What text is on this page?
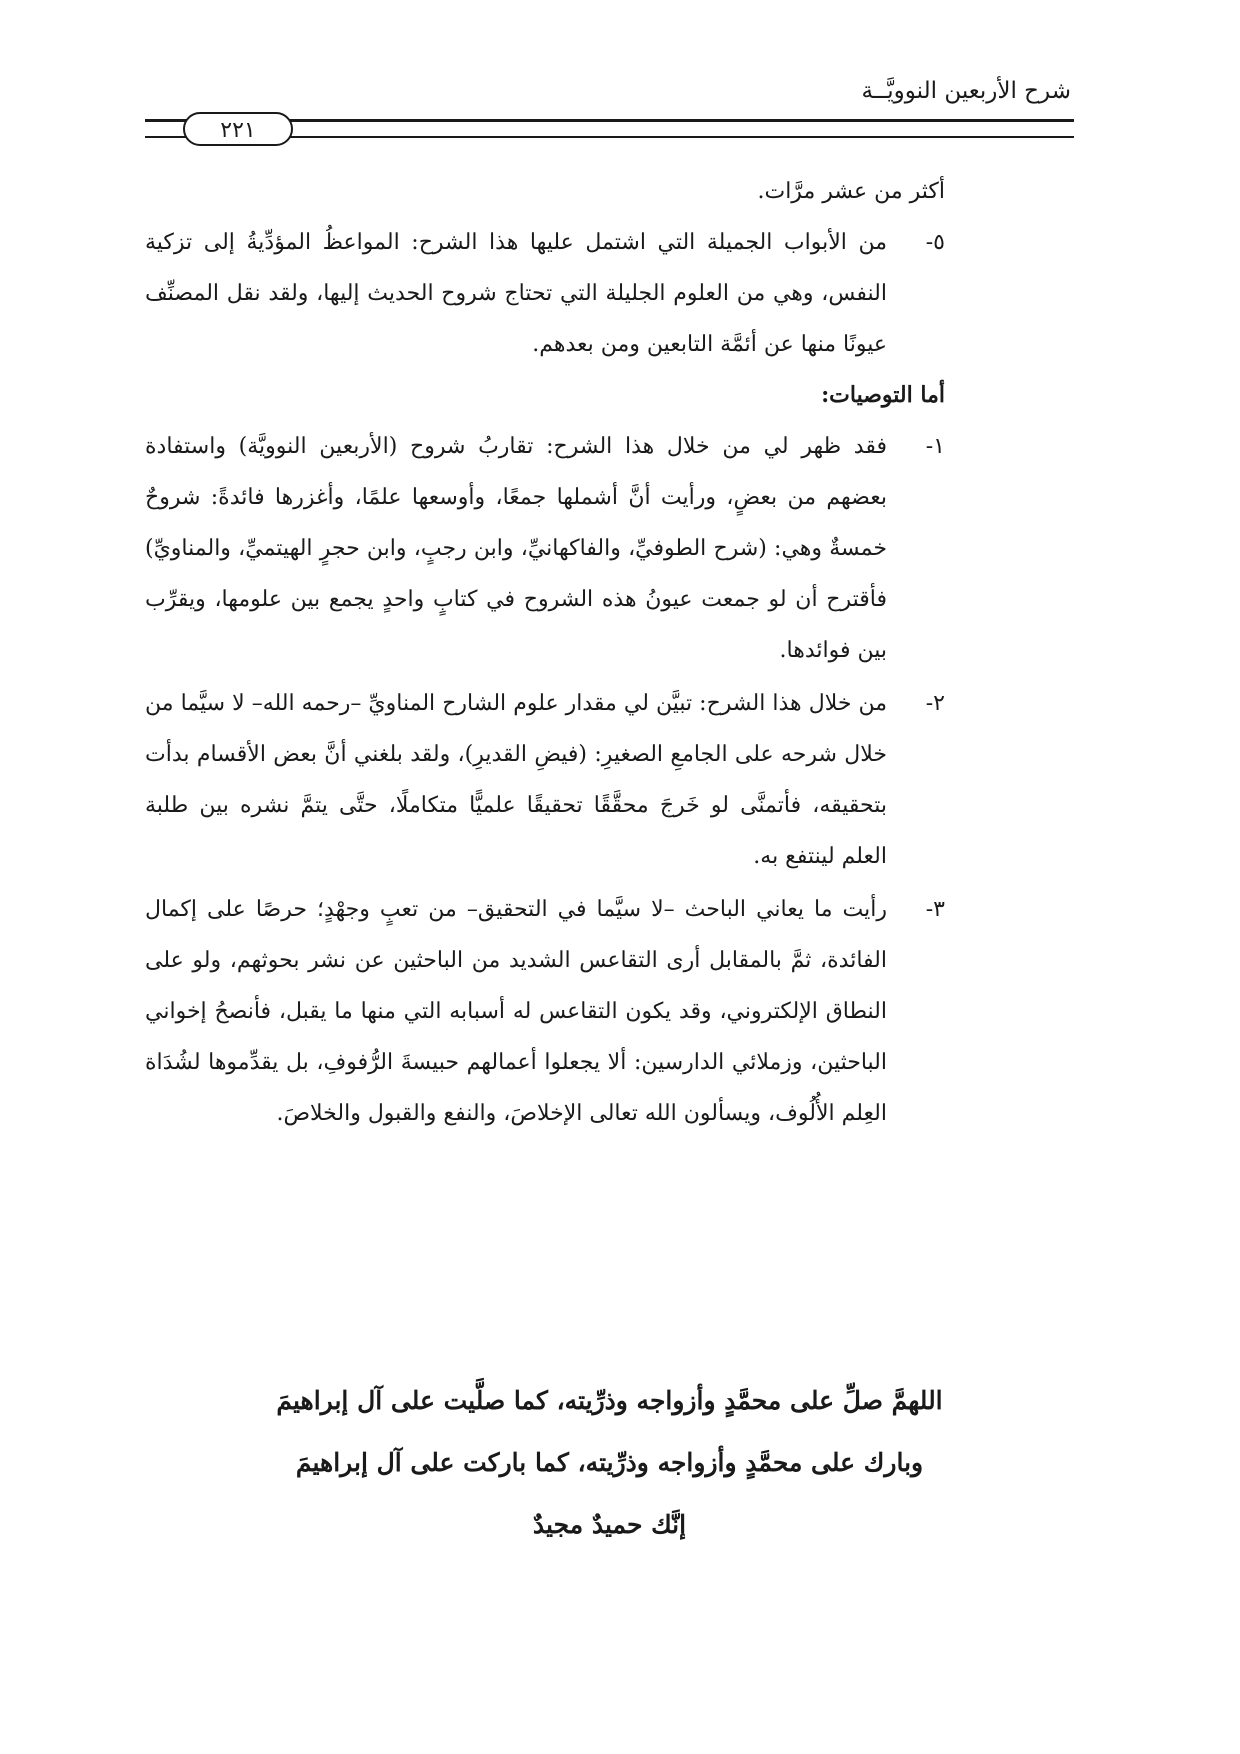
شرح الأربعين النوويَّــة
٢٢١

أكثر من عشر مرَّات.

٥-

من الأبواب الجميلة التي اشتمل عليها هذا الشرح: المواعظُ المؤدِّيةُ إلى تزكية النفس، وهي من العلوم الجليلة التي تحتاج شروح الحديث إليها، ولقد نقل المصنِّف عيونًا منها عن أئمَّة التابعين ومن بعدهم.

أما التوصيات:

١-

فقد ظهر لي من خلال هذا الشرح: تقاربُ شروح (الأربعين النوويَّة) واستفادة بعضهم من بعضٍ، ورأيت أنَّ أشملها جمعًا، وأوسعها علمًا، وأغزرها فائدةً: شروحٌ خمسةٌ وهي: (شرح الطوفيِّ، والفاكهانيِّ، وابن رجبٍ، وابن حجرٍ الهيتميِّ، والمناويِّ) فأقترح أن لو جمعت عيونُ هذه الشروح في كتابٍ واحدٍ يجمع بين علومها، ويقرِّب بين فوائدها.

٢-

من خلال هذا الشرح: تبيَّن لي مقدار علوم الشارح المناويِّ –رحمه الله– لا سيَّما من خلال شرحه على الجامعِ الصغيرِ: (فيضِ القديرِ)، ولقد بلغني أنَّ بعض الأقسام بدأت بتحقيقه، فأتمنَّى لو خَرجَ محقَّقًا تحقيقًا علميًّا متكاملًا، حتَّى يتمَّ نشره بين طلبة العلم لينتفع به.

٣-

رأيت ما يعاني الباحث –لا سيَّما في التحقيق– من تعبٍ وجهْدٍ؛ حرصًا على إكمال الفائدة، ثمَّ بالمقابل أرى التقاعس الشديد من الباحثين عن نشر بحوثهم، ولو على النطاق الإلكتروني، وقد يكون التقاعس له أسبابه التي منها ما يقبل، فأنصحُ إخواني الباحثين، وزملائي الدارسين: ألا يجعلوا أعمالهم حبيسةَ الرُّفوفِ، بل يقدِّموها لشُدَاة العِلم الأُلُوف، ويسألون الله تعالى الإخلاصَ، والنفع والقبول والخلاصَ.

اللهمَّ صلِّ على محمَّدٍ وأزواجه وذرِّيته، كما صلَّيت على آل إبراهيمَ
وبارك على محمَّدٍ وأزواجه وذرِّيته، كما باركت على آل إبراهيمَ
إنَّك حميدٌ مجيدٌ
